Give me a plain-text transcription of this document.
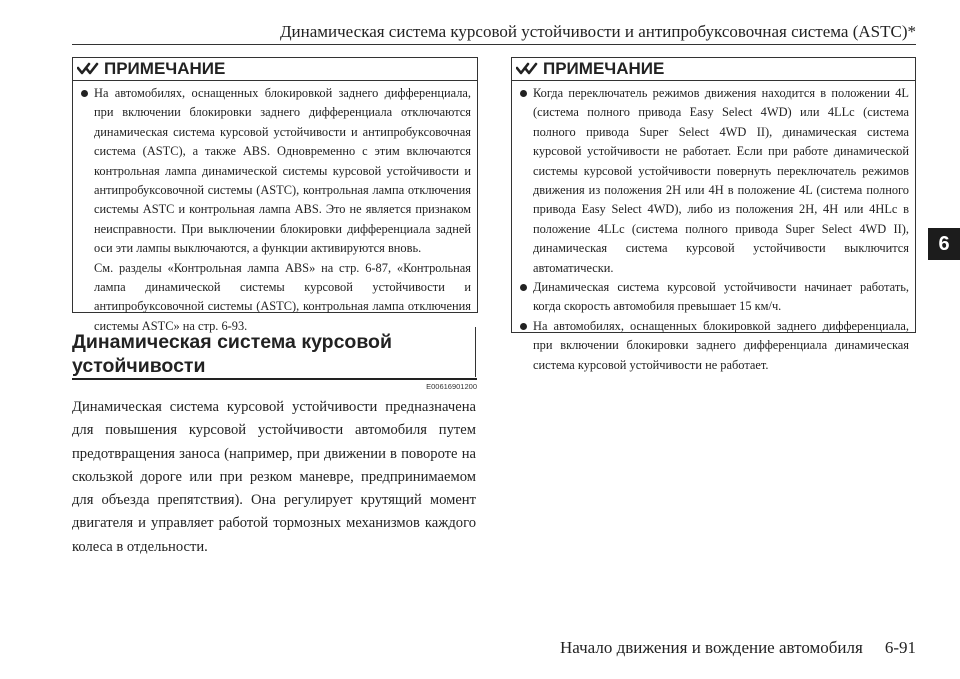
Динамическая система курсовой устойчивости и антипробуксовочная система (ASTC)*
6
ПРИМЕЧАНИЕ

На автомобилях, оснащенных блокировкой заднего дифференциала, при включении блокировки заднего дифференциала отключаются динамическая система курсовой устойчивости и антипробуксовочная система (ASTC), а также ABS. Одновременно с этим включаются контрольная лампа динамической системы курсовой устойчивости и антипробуксовочной системы (ASTC), контрольная лампа отключения системы ASTC и контрольная лампа ABS. Это не является признаком неисправности. При выключении блокировки дифференциала задней оси эти лампы выключаются, а функции активируются вновь.

См. разделы «Контрольная лампа ABS» на стр. 6-87, «Контрольная лампа динамической системы курсовой устойчивости и антипробуксовочной системы (ASTC), контрольная лампа отключения системы ASTC» на стр. 6-93.

Динамическая система курсовой
устойчивости
E00616901200

Динамическая система курсовой устойчивости предназначена для повышения курсовой устойчивости автомобиля путем предотвращения заноса (например, при движении в повороте на скользкой дороге или при резком маневре, предпринимаемом для объезда препятствия). Она регулирует крутящий момент двигателя и управляет работой тормозных механизмов каждого колеса в отдельности.

ПРИМЕЧАНИЕ

Когда переключатель режимов движения находится в положении 4L (система полного привода Easy Select 4WD) или 4LLc (система полного привода Super Select 4WD II), динамическая система курсовой устойчивости не работает. Если при работе динамической системы курсовой устойчивости повернуть переключатель режимов движения из положения 2H или 4H в положение 4L (система полного привода Easy Select 4WD), либо из положения 2H, 4H или 4HLc в положение 4LLc (система полного привода Super Select 4WD II), динамическая система курсовой устойчивости выключится автоматически.

Динамическая система курсовой устойчивости начинает работать, когда скорость автомобиля превышает 15 км/ч.

На автомобилях, оснащенных блокировкой заднего дифференциала, при включении блокировки заднего дифференциала динамическая система курсовой устойчивости не работает.

Начало движения и вождение автомобиля 6-91
